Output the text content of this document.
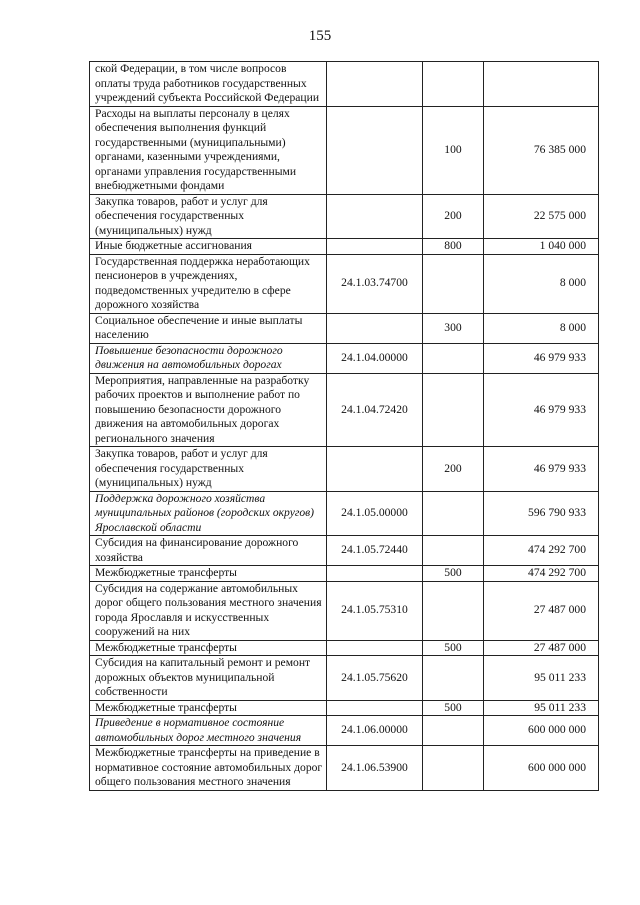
155
ской Федерации, в том числе вопросов оплаты труда работников государственных учреждений субъекта Российской Федерации			
Расходы на выплаты персоналу в целях обеспечения выполнения функций государственными (муниципальными) органами, казенными учреждениями, органами управления государственными внебюджетными фондами		100	76 385 000
Закупка товаров, работ и услуг для обеспечения государственных (муниципальных) нужд		200	22 575 000
Иные бюджетные ассигнования		800	1 040 000
Государственная поддержка неработающих пенсионеров в учреждениях, подведомственных учредителю в сфере дорожного хозяйства	24.1.03.74700		8 000
Социальное обеспечение и иные выплаты населению		300	8 000
Повышение безопасности дорожного движения на автомобильных дорогах	24.1.04.00000		46 979 933
Мероприятия, направленные на разработку рабочих проектов и выполнение работ по повышению безопасности дорожного движения на автомобильных дорогах регионального значения	24.1.04.72420		46 979 933
Закупка товаров, работ и услуг для обеспечения государственных (муниципальных) нужд		200	46 979 933
Поддержка дорожного хозяйства муниципальных районов (городских округов) Ярославской области	24.1.05.00000		596 790 933
Субсидия на финансирование дорожного хозяйства	24.1.05.72440		474 292 700
Межбюджетные трансферты		500	474 292 700
Субсидия на содержание автомобильных дорог общего пользования местного значения города Ярославля и искусственных сооружений на них	24.1.05.75310		27 487 000
Межбюджетные трансферты		500	27 487 000
Субсидия на капитальный ремонт и ремонт дорожных объектов муниципальной собственности	24.1.05.75620		95 011 233
Межбюджетные трансферты		500	95 011 233
Приведение в нормативное состояние автомобильных дорог местного значения	24.1.06.00000		600 000 000
Межбюджетные трансферты на приведение в нормативное состояние автомобильных дорог общего пользования местного значения	24.1.06.53900		600 000 000
